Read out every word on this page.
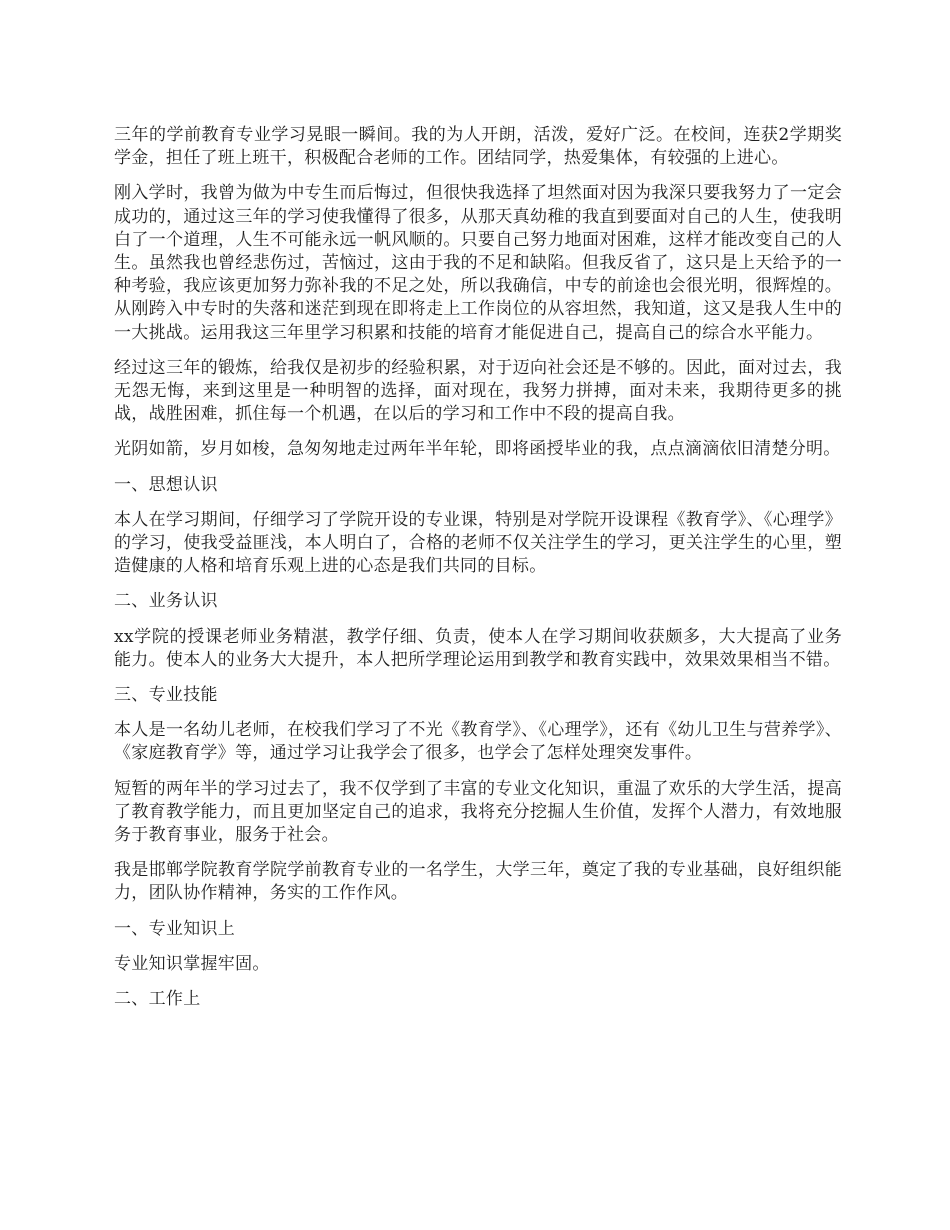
三年的学前教育专业学习晃眼一瞬间。我的为人开朗，活泼，爱好广泛。在校间，连获2学期奖学金，担任了班上班干，积极配合老师的工作。团结同学，热爱集体，有较强的上进心。

刚入学时，我曾为做为中专生而后悔过，但很快我选择了坦然面对因为我深只要我努力了一定会成功的，通过这三年的学习使我懂得了很多，从那天真幼稚的我直到要面对自己的人生，使我明白了一个道理，人生不可能永远一帆风顺的。只要自己努力地面对困难，这样才能改变自己的人生。虽然我也曾经悲伤过，苦恼过，这由于我的不足和缺陷。但我反省了，这只是上天给予的一种考验，我应该更加努力弥补我的不足之处，所以我确信，中专的前途也会很光明，很辉煌的。从刚跨入中专时的失落和迷茫到现在即将走上工作岗位的从容坦然，我知道，这又是我人生中的一大挑战。运用我这三年里学习积累和技能的培育才能促进自己，提高自己的综合水平能力。

经过这三年的锻炼，给我仅是初步的经验积累，对于迈向社会还是不够的。因此，面对过去，我无怨无悔，来到这里是一种明智的选择，面对现在，我努力拼搏，面对未来，我期待更多的挑战，战胜困难，抓住每一个机遇，在以后的学习和工作中不段的提高自我。

光阴如箭，岁月如梭，急匆匆地走过两年半年轮，即将函授毕业的我，点点滴滴依旧清楚分明。

一、思想认识

本人在学习期间，仔细学习了学院开设的专业课，特别是对学院开设课程《教育学》、《心理学》的学习，使我受益匪浅，本人明白了，合格的老师不仅关注学生的学习，更关注学生的心里，塑造健康的人格和培育乐观上进的心态是我们共同的目标。

二、业务认识

xx学院的授课老师业务精湛，教学仔细、负责，使本人在学习期间收获颇多，大大提高了业务能力。使本人的业务大大提升，本人把所学理论运用到教学和教育实践中，效果效果相当不错。

三、专业技能

本人是一名幼儿老师，在校我们学习了不光《教育学》、《心理学》，还有《幼儿卫生与营养学》、《家庭教育学》等，通过学习让我学会了很多，也学会了怎样处理突发事件。

短暂的两年半的学习过去了，我不仅学到了丰富的专业文化知识，重温了欢乐的大学生活，提高了教育教学能力，而且更加坚定自己的追求，我将充分挖掘人生价值，发挥个人潜力，有效地服务于教育事业，服务于社会。

我是邯郸学院教育学院学前教育专业的一名学生，大学三年，奠定了我的专业基础，良好组织能力，团队协作精神，务实的工作作风。

一、专业知识上

专业知识掌握牢固。

二、工作上
